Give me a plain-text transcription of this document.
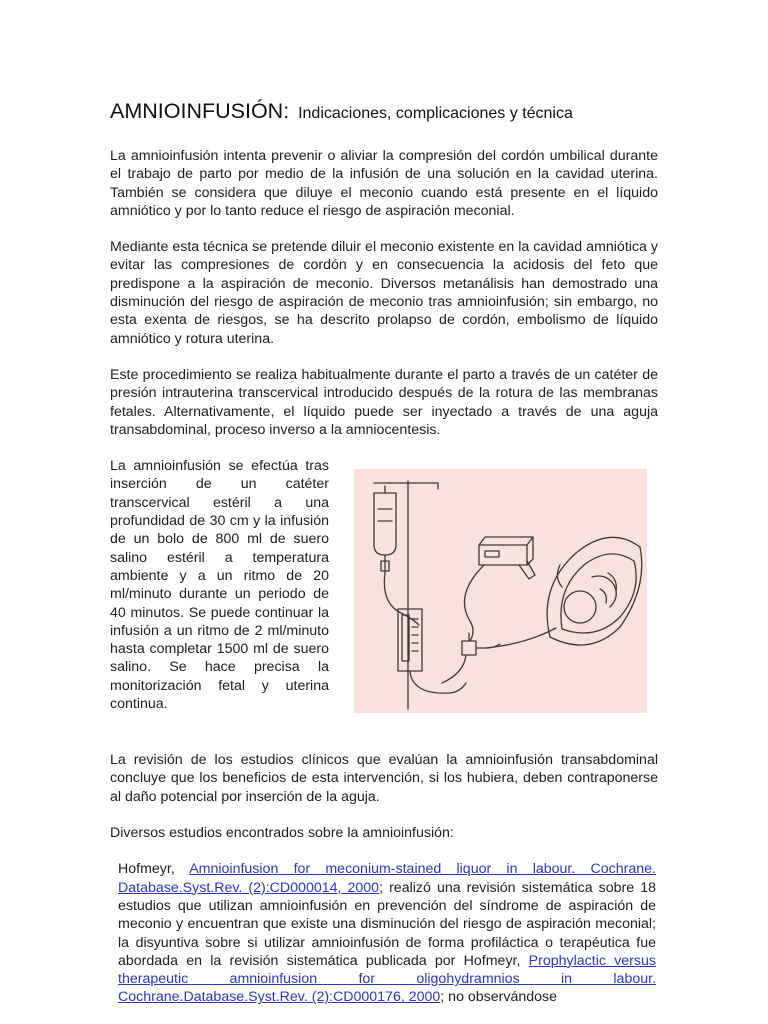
AMNIOINFUSIÓN: Indicaciones, complicaciones y técnica

La amnioinfusión intenta prevenir o aliviar la compresión del cordón umbilical durante el trabajo de parto por medio de la infusión de una solución en la cavidad uterina. También se considera que diluye el meconio cuando está presente en el líquido amniótico y por lo tanto reduce el riesgo de aspiración meconial.

Mediante esta técnica se pretende diluir el meconio existente en la cavidad amniótica y evitar las compresiones de cordón y en consecuencia la acidosis del feto que predispone a la aspiración de meconio. Diversos metanálisis han demostrado una disminución del riesgo de aspiración de meconio tras amnioinfusión; sin embargo, no esta exenta de riesgos, se ha descrito prolapso de cordón, embolismo de líquido amniótico y rotura uterina.

Este procedimiento se realiza habitualmente durante el parto a través de un catéter de presión intrauterina transcervical introducido después de la rotura de las membranas fetales. Alternativamente, el líquido puede ser inyectado a través de una aguja transabdominal, proceso inverso a la amniocentesis.

La amnioinfusión se efectúa tras inserción de un catéter transcervical estéril a una profundidad de 30 cm y la infusión de un bolo de 800 ml de suero salino estéril a temperatura ambiente y a un ritmo de 20 ml/minuto durante un periodo de 40 minutos. Se puede continuar la infusión a un ritmo de 2 ml/minuto hasta completar 1500 ml de suero salino. Se hace precisa la monitorización fetal y uterina continua.

La revisión de los estudios clínicos que evalúan la amnioinfusión transabdominal concluye que los beneficios de esta intervención, si los hubiera, deben contraponerse al daño potencial por inserción de la aguja.

Diversos estudios encontrados sobre la amnioinfusión:

Hofmeyr, Amnioinfusion for meconium-stained liquor in labour. Cochrane. Database.Syst.Rev. (2):CD000014, 2000; realizó una revisión sistemática sobre 18 estudios que utilizan amnioinfusión en prevención del síndrome de aspiración de meconio y encuentran que existe una disminución del riesgo de aspiración meconial; la disyuntiva sobre si utilizar amnioinfusión de forma profiláctica o terapéutica fue abordada en la revisión sistemática publicada por Hofmeyr, Prophylactic versus therapeutic amnioinfusion for oligohydramnios in labour. Cochrane.Database.Syst.Rev. (2):CD000176, 2000; no observándose
